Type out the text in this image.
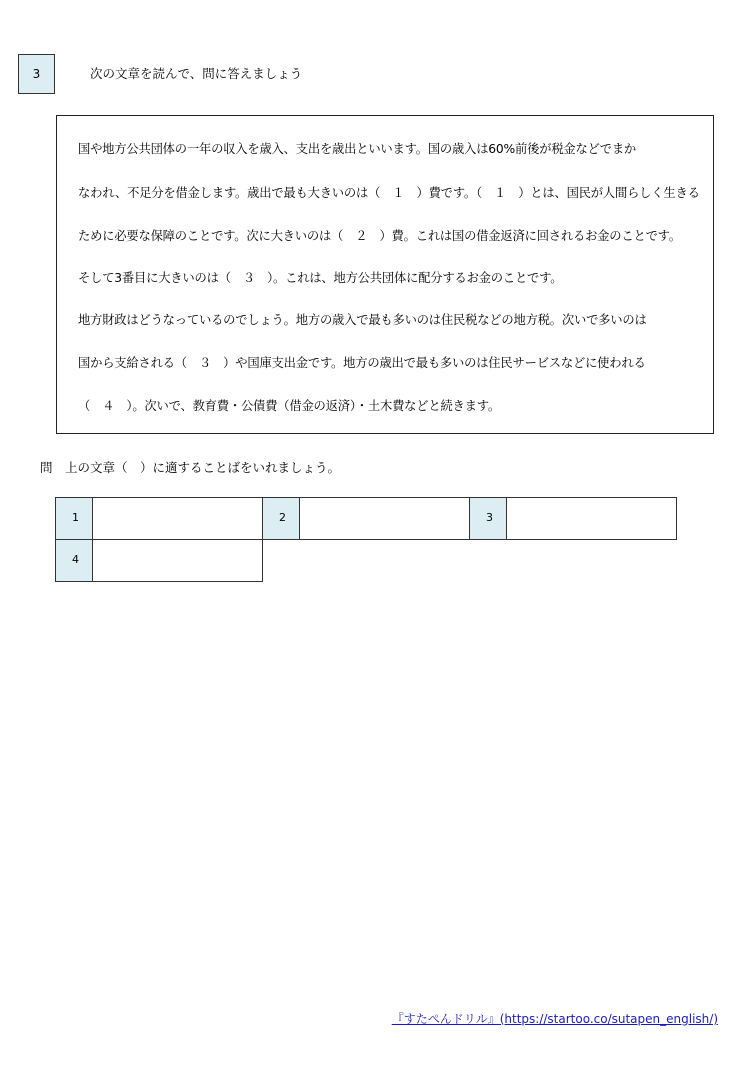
3	次の文章を読んで、問に答えましょう
国や地方公共団体の一年の収入を歳入、支出を歳出といいます。国の歳入は60%前後が税金などでまか
なわれ、不足分を借金します。歳出で最も大きいのは（　１　）費です。（　１　）とは、国民が人間らしく生きる
ために必要な保障のことです。次に大きいのは（　２　）費。これは国の借金返済に回されるお金のことです。
そして3番目に大きいのは（　３　）。これは、地方公共団体に配分するお金のことです。
地方財政はどうなっているのでしょう。地方の歳入で最も多いのは住民税などの地方税。次いで多いのは
国から支給される（　３　）や国庫支出金です。地方の歳出で最も多いのは住民サービスなどに使われる
（　４　）。次いで、教育費・公債費（借金の返済）・土木費などと続きます。
問　上の文章（　）に適することばをいれましょう。
1	2	3
4
『すたぺんドリル』(https://startoo.co/sutapen_english/)
